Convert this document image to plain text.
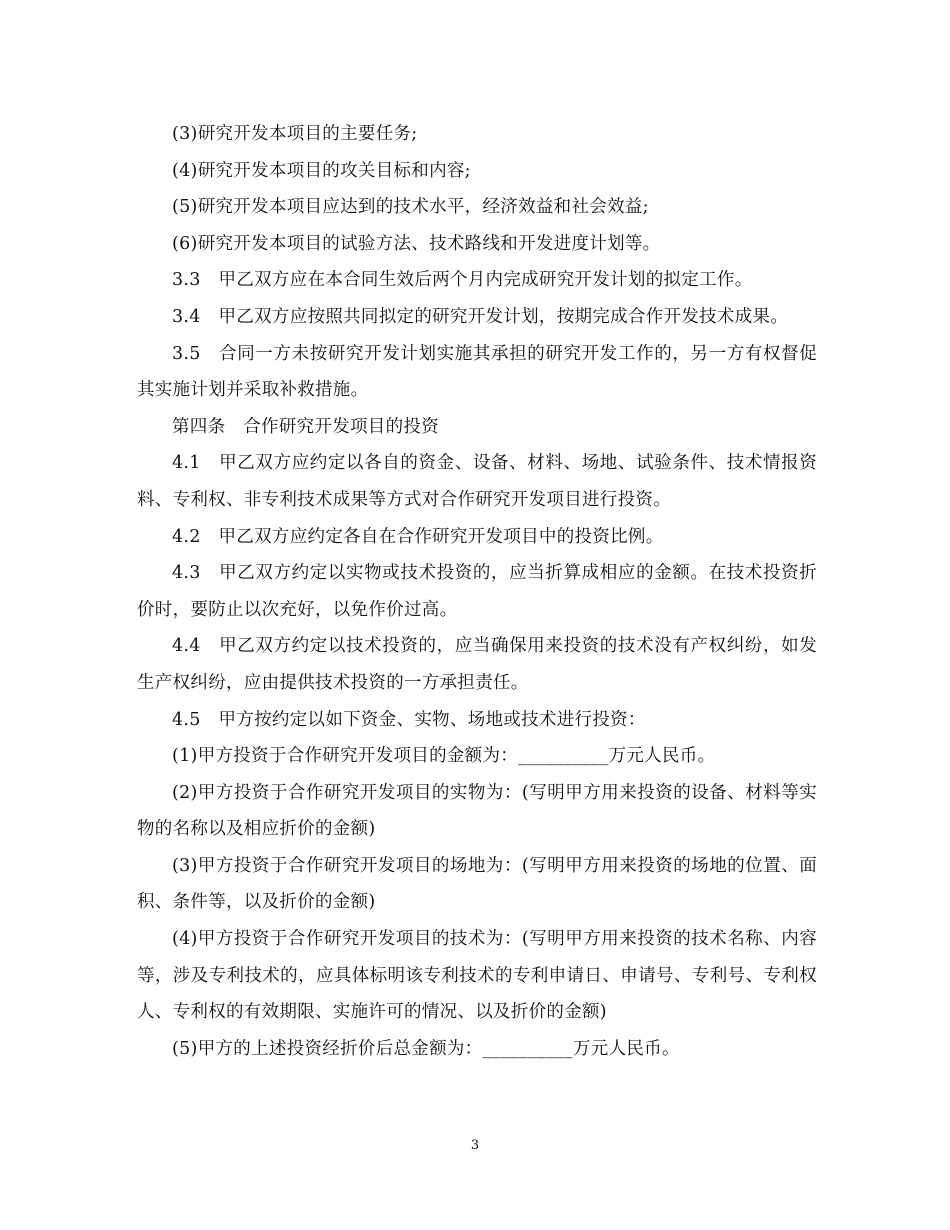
(3)研究开发本项目的主要任务;

(4)研究开发本项目的攻关目标和内容;

(5)研究开发本项目应达到的技术水平，经济效益和社会效益;

(6)研究开发本项目的试验方法、技术路线和开发进度计划等。

3.3　甲乙双方应在本合同生效后两个月内完成研究开发计划的拟定工作。

3.4　甲乙双方应按照共同拟定的研究开发计划，按期完成合作开发技术成果。

3.5　合同一方未按研究开发计划实施其承担的研究开发工作的，另一方有权督促其实施计划并采取补救措施。

第四条　合作研究开发项目的投资

4.1　甲乙双方应约定以各自的资金、设备、材料、场地、试验条件、技术情报资料、专利权、非专利技术成果等方式对合作研究开发项目进行投资。

4.2　甲乙双方应约定各自在合作研究开发项目中的投资比例。

4.3　甲乙双方约定以实物或技术投资的，应当折算成相应的金额。在技术投资折价时，要防止以次充好，以免作价过高。

4.4　甲乙双方约定以技术投资的，应当确保用来投资的技术没有产权纠纷，如发生产权纠纷，应由提供技术投资的一方承担责任。

4.5　甲方按约定以如下资金、实物、场地或技术进行投资：

(1)甲方投资于合作研究开发项目的金额为：__________万元人民币。

(2)甲方投资于合作研究开发项目的实物为：(写明甲方用来投资的设备、材料等实物的名称以及相应折价的金额)

(3)甲方投资于合作研究开发项目的场地为：(写明甲方用来投资的场地的位置、面积、条件等，以及折价的金额)

(4)甲方投资于合作研究开发项目的技术为：(写明甲方用来投资的技术名称、内容等，涉及专利技术的，应具体标明该专利技术的专利申请日、申请号、专利号、专利权人、专利权的有效期限、实施许可的情况、以及折价的金额)

(5)甲方的上述投资经折价后总金额为：__________万元人民币。

3
